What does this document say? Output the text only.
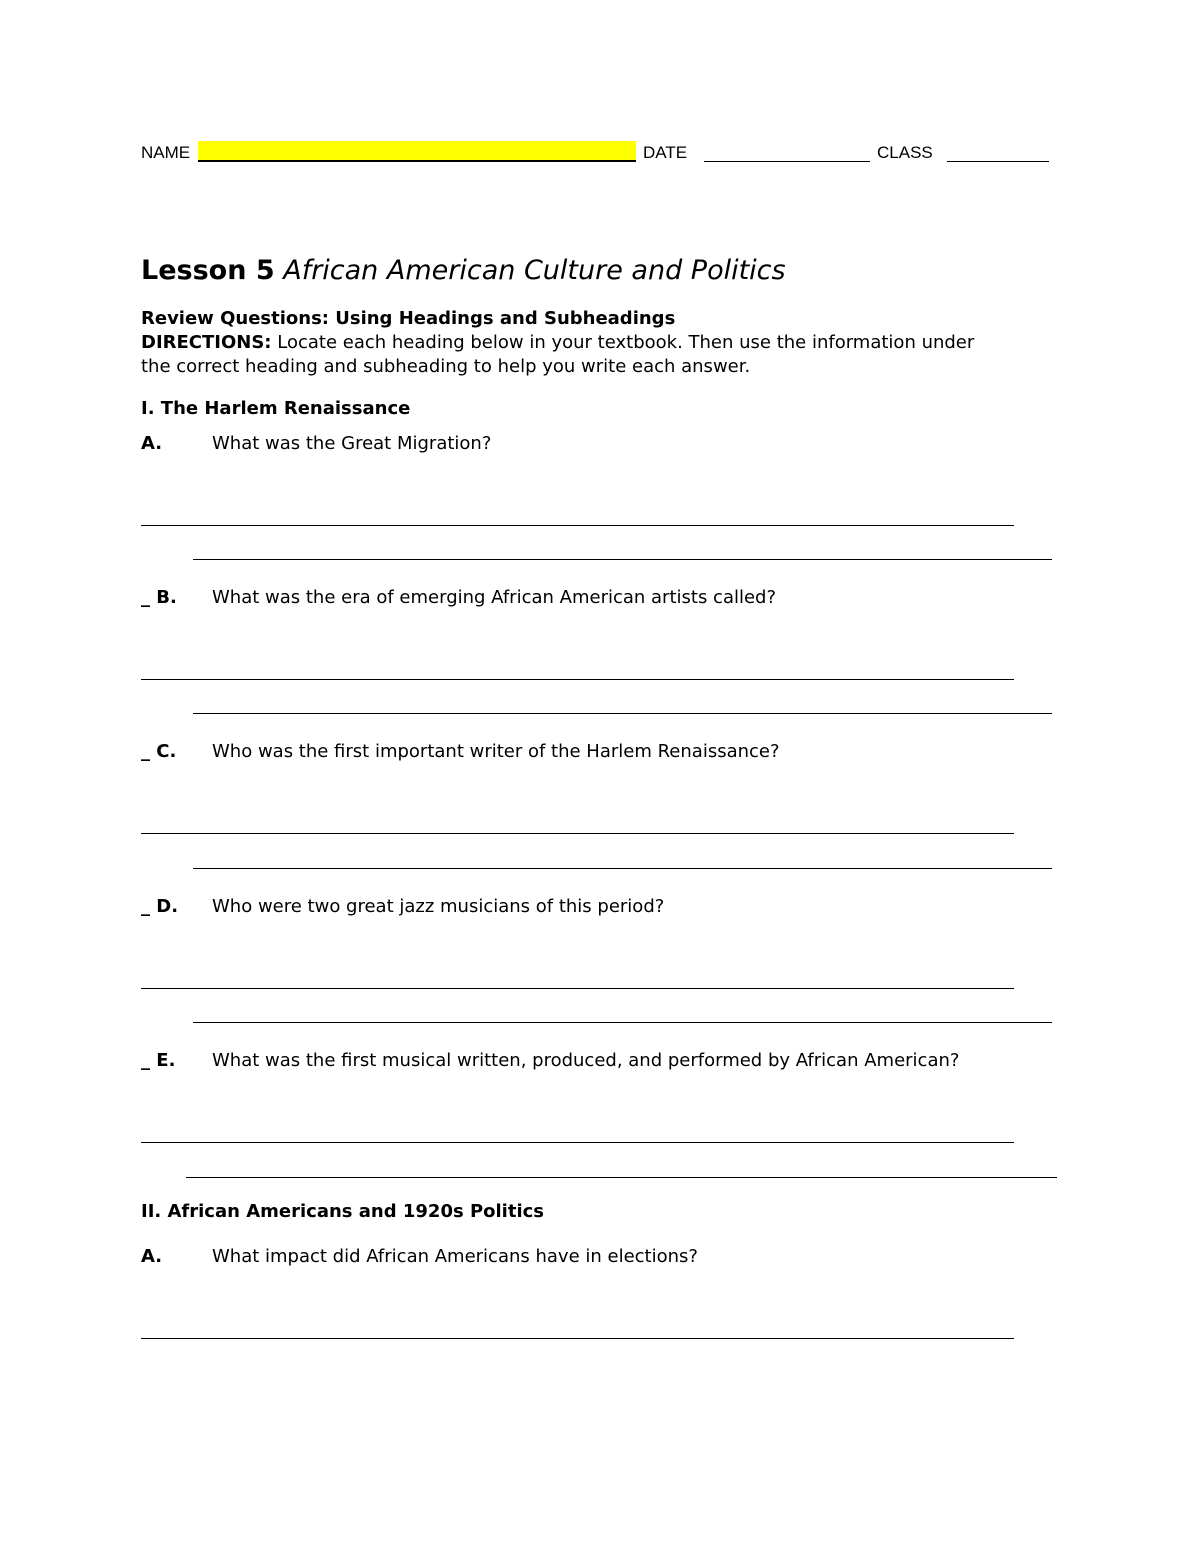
NAME	DATE	CLASS
Lesson 5 African American Culture and Politics
Review Questions: Using Headings and Subheadings
DIRECTIONS: Locate each heading below in your textbook. Then use the information under
the correct heading and subheading to help you write each answer.
I. The Harlem Renaissance
A.	What was the Great Migration?
_ B. What was the era of emerging African American artists called?
_ C. Who was the first important writer of the Harlem Renaissance?
_ D. Who were two great jazz musicians of this period?
_ E. What was the first musical written, produced, and performed by African American?
II. African Americans and 1920s Politics
A.	What impact did African Americans have in elections?
